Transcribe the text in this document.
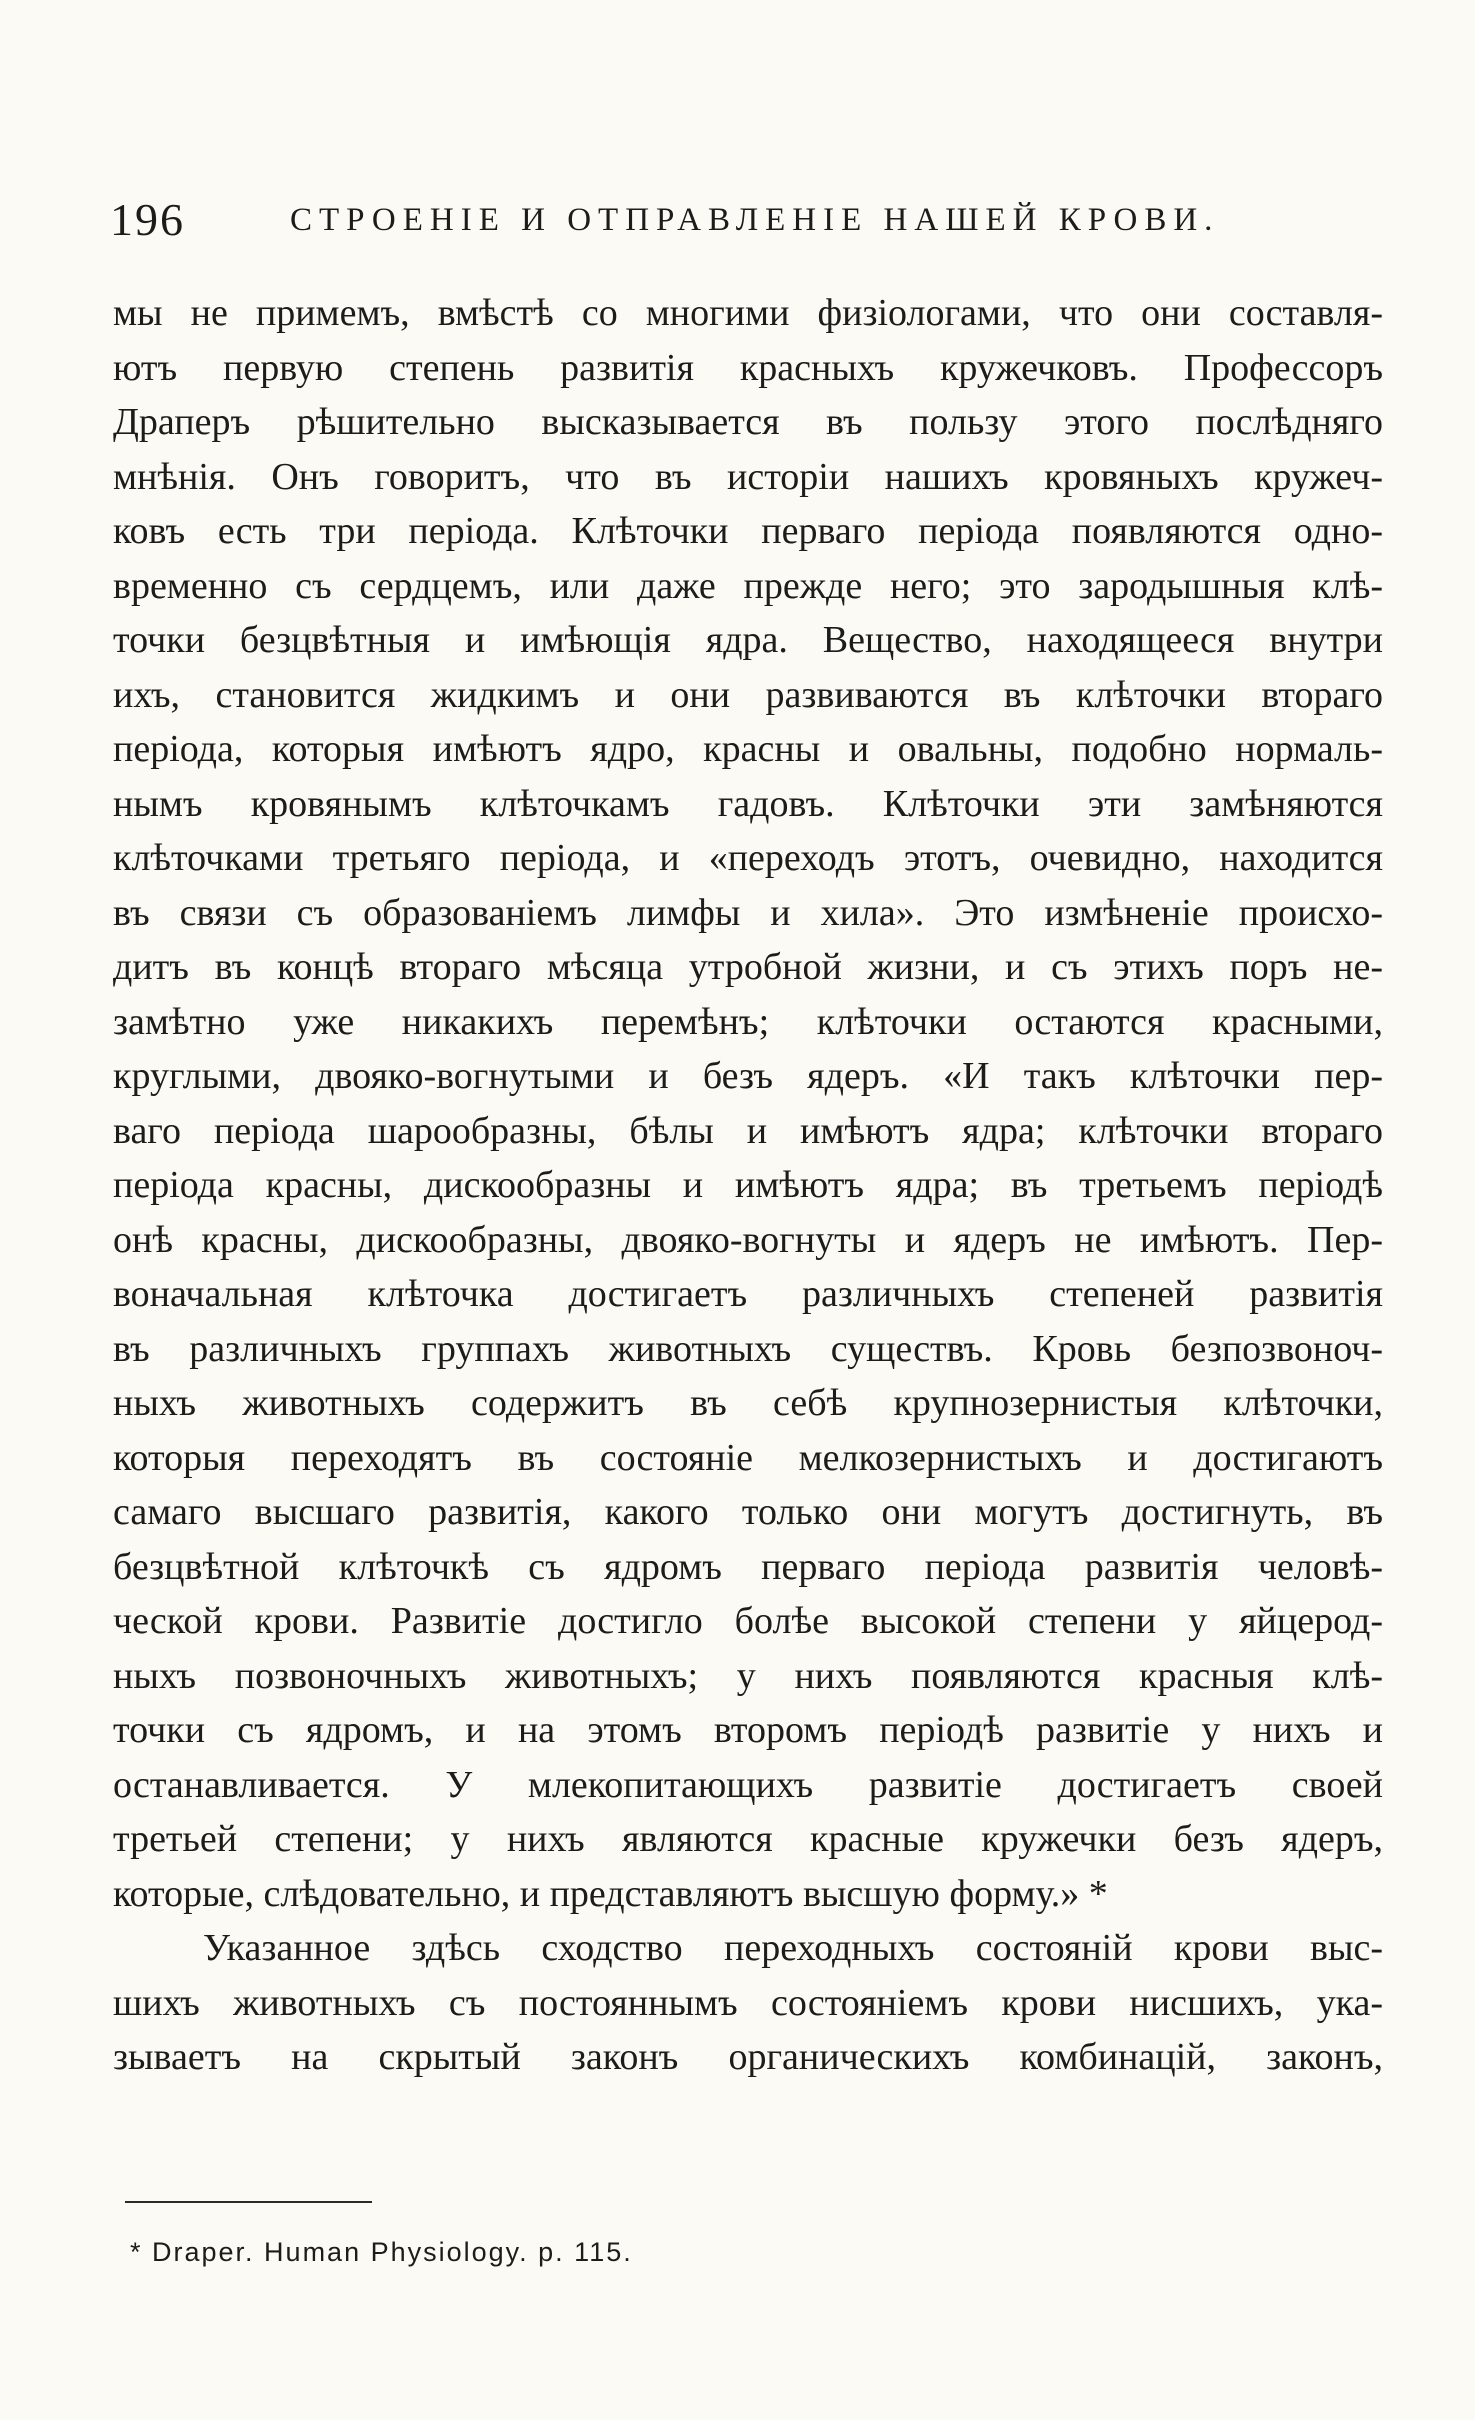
196	СТРОЕНІЕ И ОТПРАВЛЕНІЕ НАШЕЙ КРОВИ.
мы не примемъ, вмѣстѣ со многими физiологами, что они составля-
ютъ первую степень развитія красныхъ кружечковъ. Профессоръ
Драперъ рѣшительно высказывается въ пользу этого послѣдняго
мнѣнія. Онъ говоритъ, что въ исторіи нашихъ кровяныхъ кружеч-
ковъ есть три періода. Клѣточки перваго періода появляются одно-
временно съ сердцемъ, или даже прежде него; это зародышныя клѣ-
точки безцвѣтныя и имѣющія ядра. Вещество, находящееся внутри
ихъ, становится жидкимъ и они развиваются въ клѣточки втораго
періода, которыя имѣютъ ядро, красны и овальны, подобно нормаль-
нымъ кровянымъ клѣточкамъ гадовъ. Клѣточки эти замѣняются
клѣточками третьяго періода, и «переходъ этотъ, очевидно, находится
въ связи съ образованіемъ лимфы и хила». Это измѣненіе происхо-
дитъ въ концѣ втораго мѣсяца утробной жизни, и съ этихъ поръ не-
замѣтно уже никакихъ перемѣнъ; клѣточки остаются красными,
круглыми, двояко-вогнутыми и безъ ядеръ. «И такъ клѣточки пер-
ваго періода шарообразны, бѣлы и имѣютъ ядра; клѣточки втораго
періода красны, дискообразны и имѣютъ ядра; въ третьемъ періодѣ
онѣ красны, дискообразны, двояко-вогнуты и ядеръ не имѣютъ. Пер-
воначальная клѣточка достигаетъ различныхъ степеней развитія
въ различныхъ группахъ животныхъ существъ. Кровь безпозвоноч-
ныхъ животныхъ содержитъ въ себѣ крупнозернистыя клѣточки,
которыя переходятъ въ состояніе мелкозернистыхъ и достигаютъ
самаго высшаго развитія, какого только они могутъ достигнуть, въ
безцвѣтной клѣточкѣ съ ядромъ перваго періода развитія человѣ-
ческой крови. Развитіе достигло болѣе высокой степени у яйцерод-
ныхъ позвоночныхъ животныхъ; у нихъ появляются красныя клѣ-
точки съ ядромъ, и на этомъ второмъ періодѣ развитіе у нихъ и
останавливается. У млекопитающихъ развитіе достигаетъ своей
третьей степени; у нихъ являются красные кружечки безъ ядеръ,
которые, слѣдовательно, и представляютъ высшую форму.» *
Указанное здѣсь сходство переходныхъ состояній крови выс-
шихъ животныхъ съ постояннымъ состояніемъ крови нисшихъ, ука-
зываетъ на скрытый законъ органическихъ комбинацій, законъ,
* Draper. Human Physiology. p. 115.
